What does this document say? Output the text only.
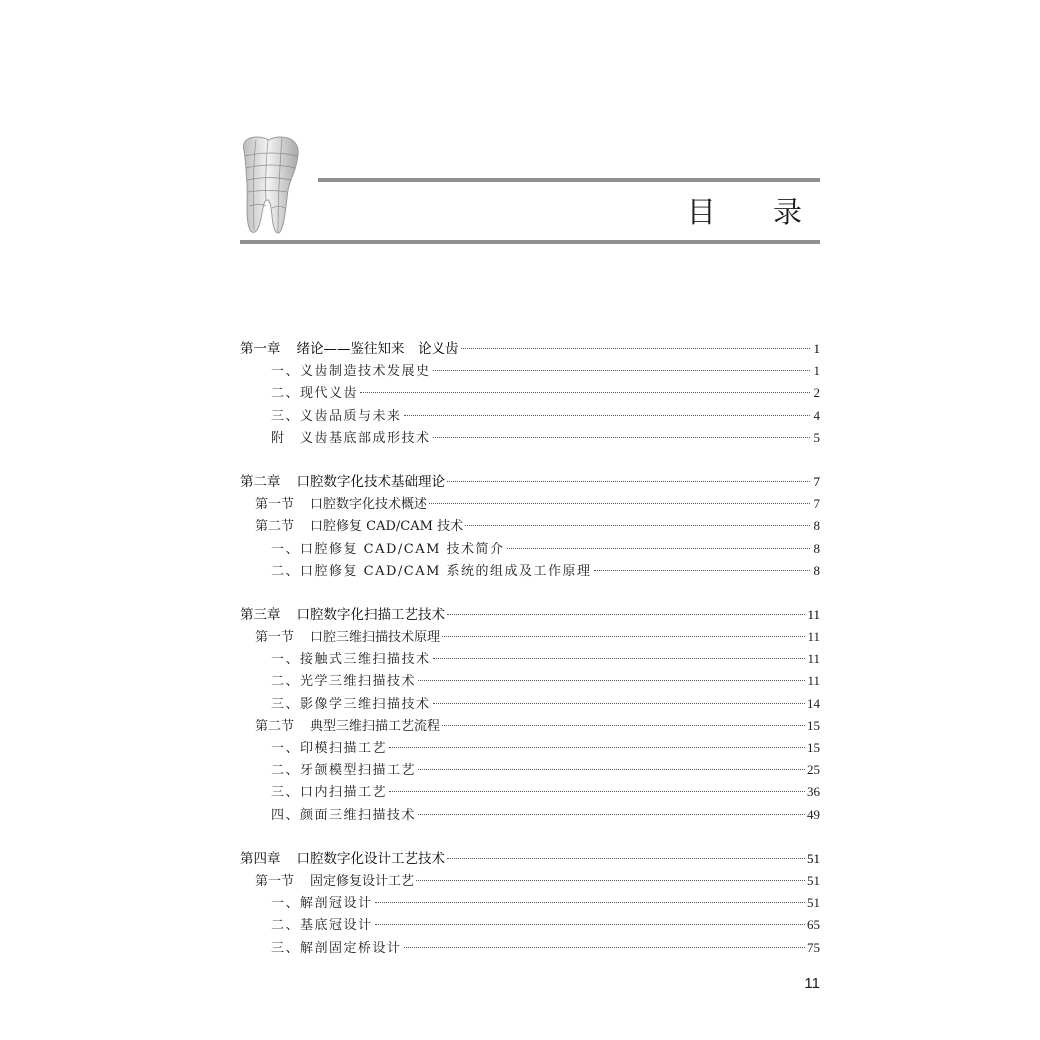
目 录
第一章 绪论——鉴往知来　论义齿	1
一、义齿制造技术发展史	1
二、现代义齿	2
三、义齿品质与未来	4
附　义齿基底部成形技术	5
第二章 口腔数字化技术基础理论	7
第一节 口腔数字化技术概述	7
第二节 口腔修复 CAD/CAM 技术	8
一、口腔修复 CAD/CAM 技术简介	8
二、口腔修复 CAD/CAM 系统的组成及工作原理	8
第三章 口腔数字化扫描工艺技术	11
第一节 口腔三维扫描技术原理	11
一、接触式三维扫描技术	11
二、光学三维扫描技术	11
三、影像学三维扫描技术	14
第二节 典型三维扫描工艺流程	15
一、印模扫描工艺	15
二、牙颌模型扫描工艺	25
三、口内扫描工艺	36
四、颜面三维扫描技术	49
第四章 口腔数字化设计工艺技术	51
第一节 固定修复设计工艺	51
一、解剖冠设计	51
二、基底冠设计	65
三、解剖固定桥设计	75
11
